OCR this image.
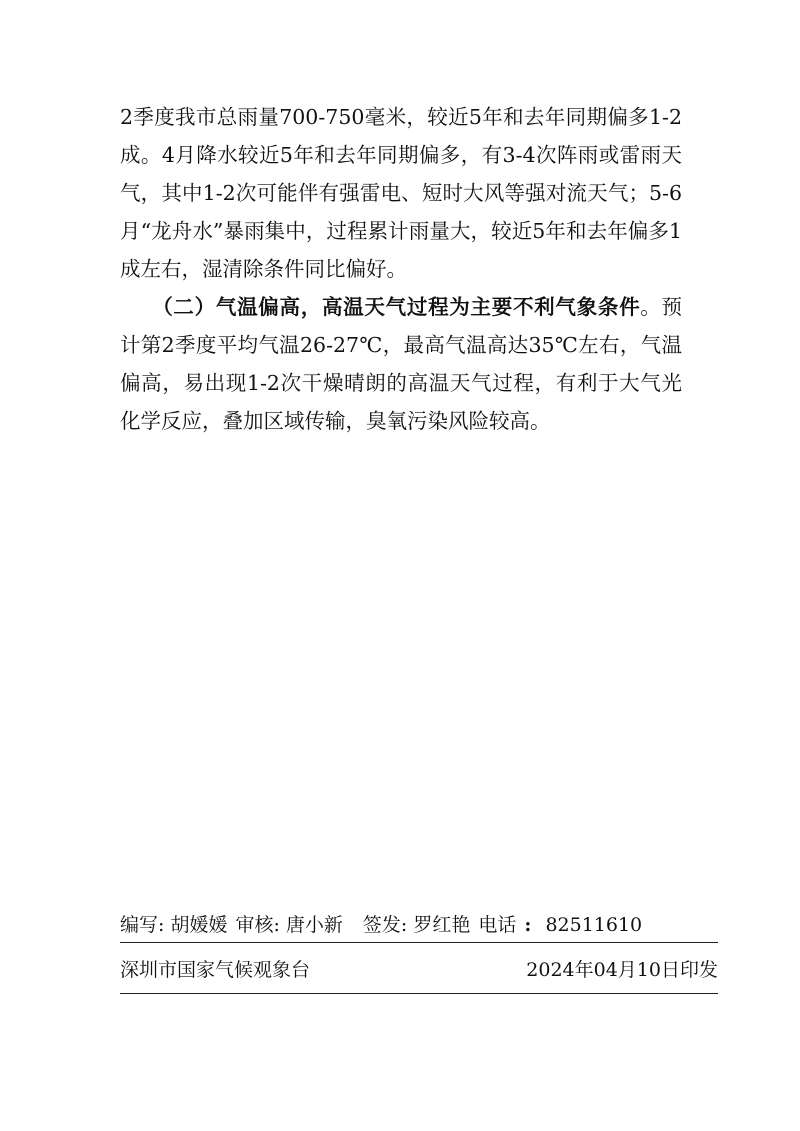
2季度我市总雨量700-750毫米，较近5年和去年同期偏多1-2成。4月降水较近5年和去年同期偏多，有3-4次阵雨或雷雨天气，其中1-2次可能伴有强雷电、短时大风等强对流天气；5-6月“龙舟水”暴雨集中，过程累计雨量大，较近5年和去年偏多1成左右，湿清除条件同比偏好。

　　（二）气温偏高，高温天气过程为主要不利气象条件。预计第2季度平均气温26-27℃，最高气温高达35℃左右，气温偏高，易出现1-2次干燥晴朗的高温天气过程，有利于大气光化学反应，叠加区域传输，臭氧污染风险较高。

编写: 胡媛媛 审核: 唐小新 签发: 罗红艳 电话 : 82511610
深圳市国家气候观象台	2024年04月10日印发
